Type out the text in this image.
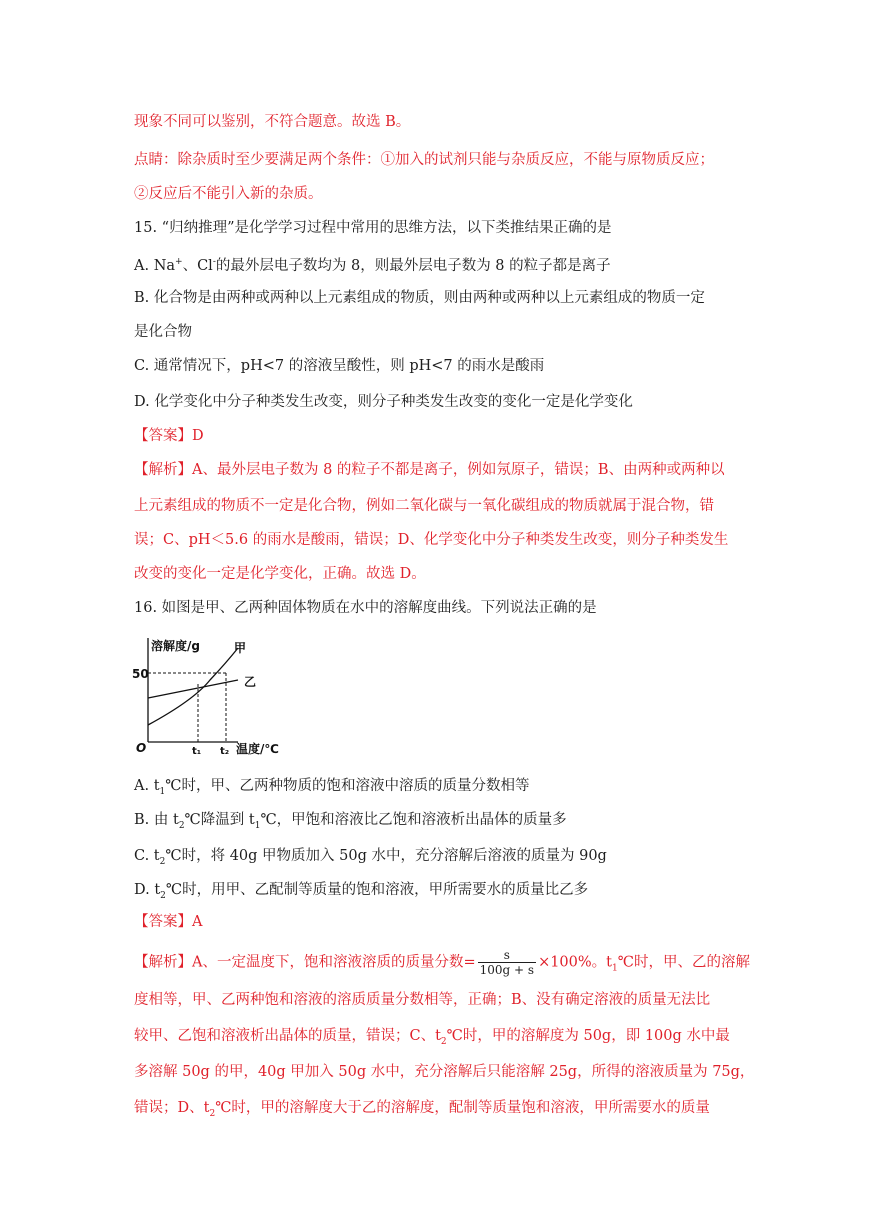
现象不同可以鉴别，不符合题意。故选 B。
点睛：除杂质时至少要满足两个条件：①加入的试剂只能与杂质反应，不能与原物质反应；
②反应后不能引入新的杂质。
15. “归纳推理”是化学学习过程中常用的思维方法，以下类推结果正确的是
A. Na+、Cl-的最外层电子数均为 8，则最外层电子数为 8 的粒子都是离子
B. 化合物是由两种或两种以上元素组成的物质，则由两种或两种以上元素组成的物质一定
是化合物
C. 通常情况下，pH<7 的溶液呈酸性，则 pH<7 的雨水是酸雨
D. 化学变化中分子种类发生改变，则分子种类发生改变的变化一定是化学变化
【答案】D
【解析】A、最外层电子数为 8 的粒子不都是离子，例如氖原子，错误；B、由两种或两种以
上元素组成的物质不一定是化合物，例如二氧化碳与一氧化碳组成的物质就属于混合物，错
误；C、pH＜5.6 的雨水是酸雨，错误；D、化学变化中分子种类发生改变，则分子种类发生
改变的变化一定是化学变化，正确。故选 D。
16. 如图是甲、乙两种固体物质在水中的溶解度曲线。下列说法正确的是
溶解度/g	甲
乙
50
O	t₁ t₂ 温度/℃
A. $t_1℃$时，甲、乙两种物质的饱和溶液中溶质的质量分数相等
B. 由 $t_2℃$降温到 $t_1℃$，甲饱和溶液比乙饱和溶液析出晶体的质量多
C. $t_2℃$时，将 40g 甲物质加入 50g 水中，充分溶解后溶液的质量为 90g
D. $t_2℃$时，用甲、乙配制等质量的饱和溶液，甲所需要水的质量比乙多
【答案】A
【解析】A、一定温度下，饱和溶液溶质的质量分数= $\frac{s}{100g + s} \times 100\%$。$t_1℃$时，甲、乙的溶解
度相等，甲、乙两种饱和溶液的溶质质量分数相等，正确；B、没有确定溶液的质量无法比
较甲、乙饱和溶液析出晶体的质量，错误；C、$t_2℃$时，甲的溶解度为 50g，即 100g 水中最
多溶解 50g 的甲，40g 甲加入 50g 水中，充分溶解后只能溶解 25g，所得的溶液质量为 75g，
错误；D、$t_2℃$时，甲的溶解度大于乙的溶解度，配制等质量饱和溶液，甲所需要水的质量
